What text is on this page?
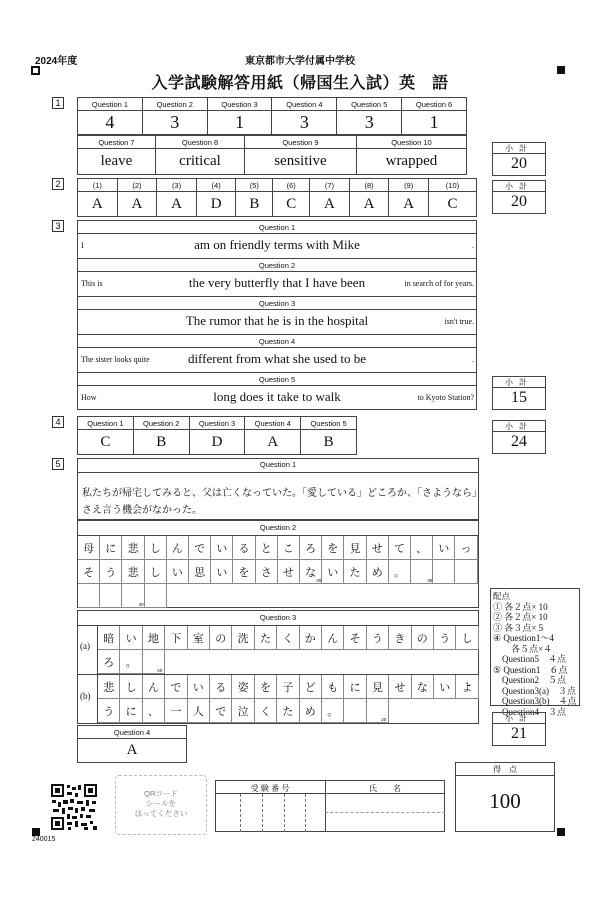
2024年度	東京都市大学付属中学校
入学試験解答用紙（帰国生入試）英　語
1	Question 1	Question 2	Question 3	Question 4	Question 5	Question 6
4	3	1	3	3	1
Question 7	Question 8	Question 9	Question 10
leave	critical	sensitive	wrapped
小計
20
2	(1)	(2)	(3)	(4)	(5)	(6)	(7)	(8)	(9)	(10)
A	A	A	D	B	C	A	A	A	C
小計
20
3	Question 1
I	am on friendly terms with Mike	.
Question 2
This is	the very butterfly that I have been	in search of for years.
Question 3
The rumor that he is in the hospital	isn't true.
Question 4
The sister looks quite	different from what she used to be	.
Question 5
How	long does it take to walk	to Kyoto Station?
小計
15
4	Question 1	Question 2	Question 3	Question 4	Question 5
C	B	D	A	B
小計
24
5	Question 1
私たちが帰宅してみると、父は亡くなっていた。「愛している」どころか、「さようなら」さえ言う機会がなかった。
Question 2
母 に 悲 し ん で い る と こ ろ を 見 せ て 、 い っ
そ う 悲 し い 思 い を さ せ な い た め 。
30	35
40
Question 3
(a)
(b)
暗 い 地 下 室 の 洗 た く か ん そ う き の う し
ろ 。
悲 し ん で い る 姿 を 子 ど も に 見 せ な い よ
う に 、 一 人 で 泣 く た め 。
20
20
Question 4
A
配点
① 各２点× 10
② 各２点× 10
③ 各３点× 5
④ Question1～4
　　各５点×４
　Question5　４点
⑤ Question1　６点
　Question2　５点
　Question3(a)　３点
　Question3(b)　４点
　Question4　３点
小計
21
240015
QRコード
シールを
はってください
受 験 番 号	氏　　名
得　点
100
